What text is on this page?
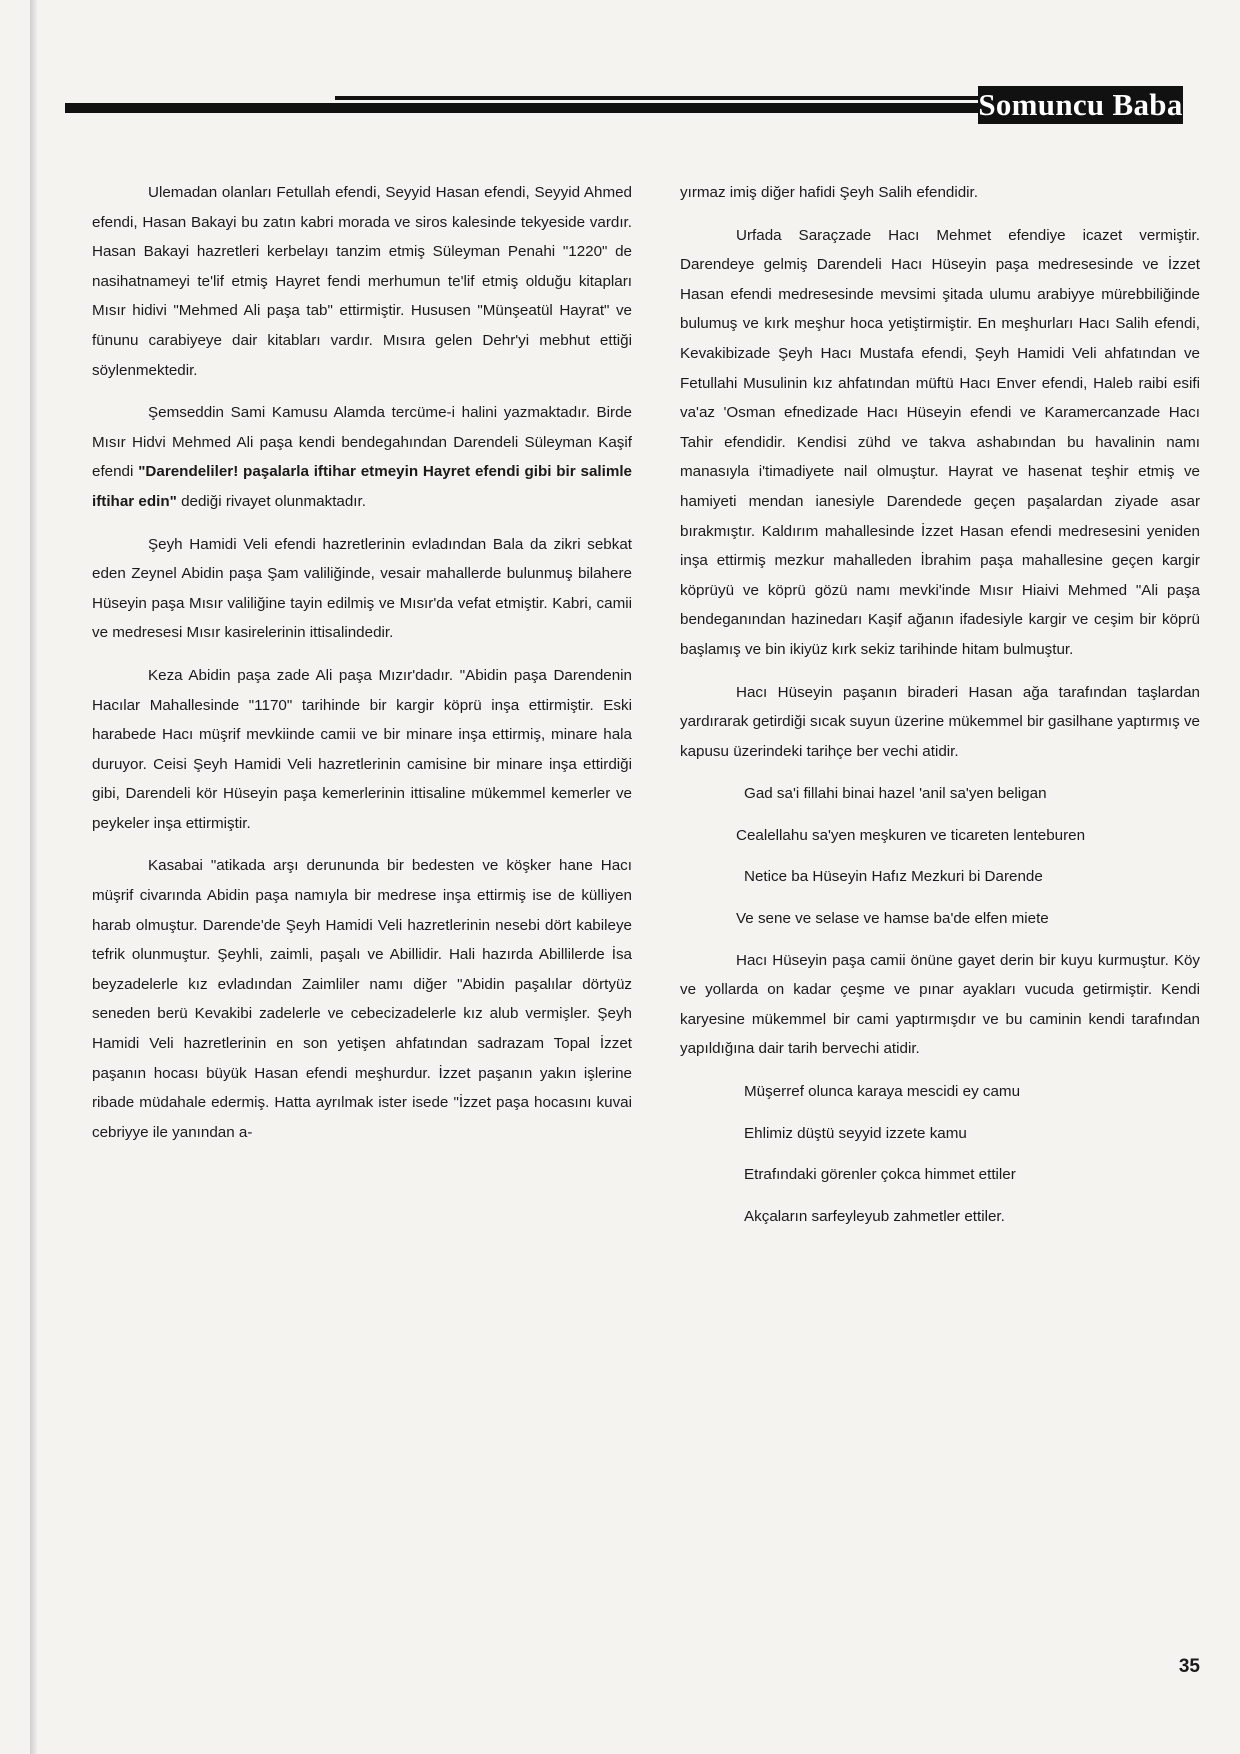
Somuncu Baba

Ulemadan olanları Fetullah efendi, Seyyid Hasan efendi, Seyyid Ahmed efendi, Hasan Bakayi bu zatın kabri morada ve siros kalesinde tekyeside vardır. Hasan Bakayi hazretleri kerbelayı tanzim etmiş Süleyman Penahi "1220" de nasihatnameyi te'lif etmiş Hayret fendi merhumun te'lif etmiş olduğu kitapları Mısır hidivi "Mehmed Ali paşa tab" ettirmiştir. Hususen "Münşeatül Hayrat" ve fünunu carabiyeye dair kitabları vardır. Mısıra gelen Dehr'yi mebhut ettiği söylenmektedir.

Şemseddin Sami Kamusu Alamda tercüme-i halini yazmaktadır. Birde Mısır Hidvi Mehmed Ali paşa kendi bendegahından Darendeli Süleyman Kaşif efendi "Darendeliler! paşalarla iftihar etmeyin Hayret efendi gibi bir salimle iftihar edin" dediği rivayet olunmaktadır.

Şeyh Hamidi Veli efendi hazretlerinin evladından Bala da zikri sebkat eden Zeynel Abidin paşa Şam valiliğinde, vesair mahallerde bulunmuş bilahere Hüseyin paşa Mısır valiliğine tayin edilmiş ve Mısır'da vefat etmiştir. Kabri, camii ve medresesi Mısır kasirelerinin ittisalindedir.

Keza Abidin paşa zade Ali paşa Mızır'dadır. "Abidin paşa Darendenin Hacılar Mahallesinde "1170" tarihinde bir kargir köprü inşa ettirmiştir. Eski harabede Hacı müşrif mevkiinde camii ve bir minare inşa ettirmiş, minare hala duruyor. Ceisi Şeyh Hamidi Veli hazretlerinin camisine bir minare inşa ettirdiği gibi, Darendeli kör Hüseyin paşa kemerlerinin ittisaline mükemmel kemerler ve peykeler inşa ettirmiştir.

Kasabai "atikada arşı derununda bir bedesten ve köşker hane Hacı müşrif civarında Abidin paşa namıyla bir medrese inşa ettirmiş ise de külliyen harab olmuştur. Darende'de Şeyh Hamidi Veli hazretlerinin nesebi dört kabileye tefrik olunmuştur. Şeyhli, zaimli, paşalı ve Abillidir. Hali hazırda Abillilerde İsa beyzadelerle kız evladından Zaimliler namı diğer "Abidin paşalılar dörtyüz seneden berü Kevakibi zadelerle ve cebecizadelerle kız alub vermişler. Şeyh Hamidi Veli hazretlerinin en son yetişen ahfatından sadrazam Topal İzzet paşanın hocası büyük Hasan efendi meşhurdur. İzzet paşanın yakın işlerine ribade müdahale edermiş. Hatta ayrılmak ister isede "İzzet paşa hocasını kuvai cebriyye ile yanından a-

yırmaz imiş diğer hafidi Şeyh Salih efendidir.

Urfada Saraçzade Hacı Mehmet efendiye icazet vermiştir. Darendeye gelmiş Darendeli Hacı Hüseyin paşa medresesinde ve İzzet Hasan efendi medresesinde mevsimi şitada ulumu arabiyye mürebbiliğinde bulumuş ve kırk meşhur hoca yetiştirmiştir. En meşhurları Hacı Salih efendi, Kevakibizade Şeyh Hacı Mustafa efendi, Şeyh Hamidi Veli ahfatından ve Fetullahi Musulinin kız ahfatından müftü Hacı Enver efendi, Haleb raibi esifi va'az 'Osman efnedizade Hacı Hüseyin efendi ve Karamercanzade Hacı Tahir efendidir. Kendisi zühd ve takva ashabından bu havalinin namı manasıyla i'timadiyete nail olmuştur. Hayrat ve hasenat teşhir etmiş ve hamiyeti mendan ianesiyle Darendede geçen paşalardan ziyade asar bırakmıştır. Kaldırım mahallesinde İzzet Hasan efendi medresesini yeniden inşa ettirmiş mezkur mahalleden İbrahim paşa mahallesine geçen kargir köprüyü ve köprü gözü namı mevki'inde Mısır Hiaivi Mehmed "Ali paşa bendeganından hazinedarı Kaşif ağanın ifadesiyle kargir ve ceşim bir köprü başlamış ve bin ikiyüz kırk sekiz tarihinde hitam bulmuştur.

Hacı Hüseyin paşanın biraderi Hasan ağa tarafından taşlardan yardırarak getirdiği sıcak suyun üzerine mükemmel bir gasilhane yaptırmış ve kapusu üzerindeki tarihçe ber vechi atidir.

Gad sa'i fillahi binai hazel 'anil sa'yen beligan

Cealellahu sa'yen meşkuren ve ticareten lenteburen

Netice ba Hüseyin Hafız Mezkuri bi Darende

Ve sene ve selase ve hamse ba'de elfen miete

Hacı Hüseyin paşa camii önüne gayet derin bir kuyu kurmuştur. Köy ve yollarda on kadar çeşme ve pınar ayakları vucuda getirmiştir. Kendi karyesine mükemmel bir cami yaptırmışdır ve bu caminin kendi tarafından yapıldığına dair tarih bervechi atidir.

Müşerref olunca karaya mescidi ey camu

Ehlimiz düştü seyyid izzete kamu

Etrafındaki görenler çokca himmet ettiler

Akçaların sarfeyleyub zahmetler ettiler.

35
